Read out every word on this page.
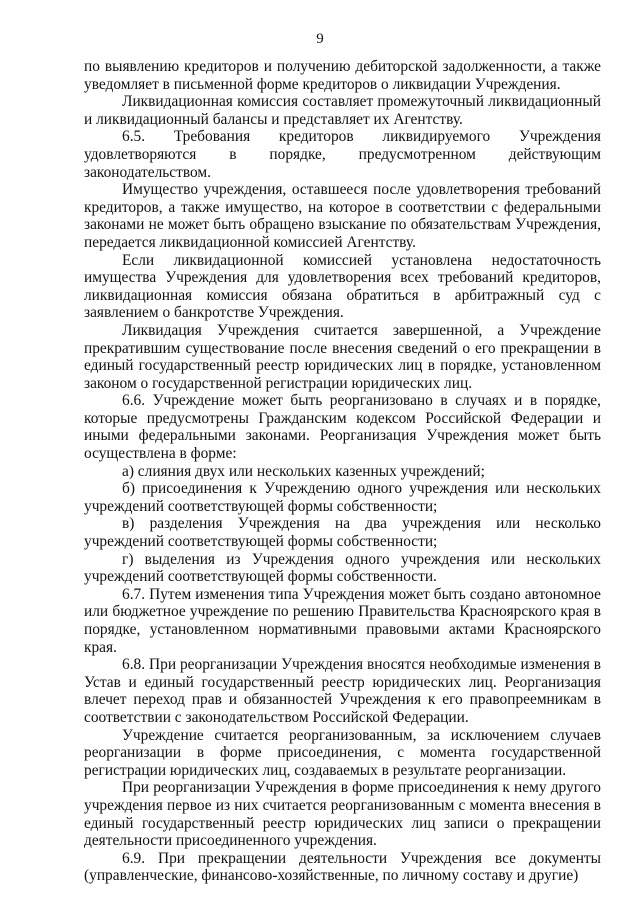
9

по выявлению кредиторов и получению дебиторской задолженности, а также уведомляет в письменной форме кредиторов о ликвидации Учреждения.

Ликвидационная комиссия составляет промежуточный ликвидационный и ликвидационный балансы и представляет их Агентству.

6.5. Требования кредиторов ликвидируемого Учреждения удовлетворяются в порядке, предусмотренном действующим законодательством.

Имущество учреждения, оставшееся после удовлетворения требований кредиторов, а также имущество, на которое в соответствии с федеральными законами не может быть обращено взыскание по обязательствам Учреждения, передается ликвидационной комиссией Агентству.

Если ликвидационной комиссией установлена недостаточность имущества Учреждения для удовлетворения всех требований кредиторов, ликвидационная комиссия обязана обратиться в арбитражный суд с заявлением о банкротстве Учреждения.

Ликвидация Учреждения считается завершенной, а Учреждение прекратившим существование после внесения сведений о его прекращении в единый государственный реестр юридических лиц в порядке, установленном законом о государственной регистрации юридических лиц.

6.6. Учреждение может быть реорганизовано в случаях и в порядке, которые предусмотрены Гражданским кодексом Российской Федерации и иными федеральными законами. Реорганизация Учреждения может быть осуществлена в форме:

а) слияния двух или нескольких казенных учреждений;

б) присоединения к Учреждению одного учреждения или нескольких учреждений соответствующей формы собственности;

в) разделения Учреждения на два учреждения или несколько учреждений соответствующей формы собственности;

г) выделения из Учреждения одного учреждения или нескольких учреждений соответствующей формы собственности.

6.7. Путем изменения типа Учреждения может быть создано автономное или бюджетное учреждение по решению Правительства Красноярского края в порядке, установленном нормативными правовыми актами Красноярского края.

6.8. При реорганизации Учреждения вносятся необходимые изменения в Устав и единый государственный реестр юридических лиц. Реорганизация влечет переход прав и обязанностей Учреждения к его правопреемникам в соответствии с законодательством Российской Федерации.

Учреждение считается реорганизованным, за исключением случаев реорганизации в форме присоединения, с момента государственной регистрации юридических лиц, создаваемых в результате реорганизации.

При реорганизации Учреждения в форме присоединения к нему другого учреждения первое из них считается реорганизованным с момента внесения в единый государственный реестр юридических лиц записи о прекращении деятельности присоединенного учреждения.

6.9. При прекращении деятельности Учреждения все документы (управленческие, финансово-хозяйственные, по личному составу и другие)
